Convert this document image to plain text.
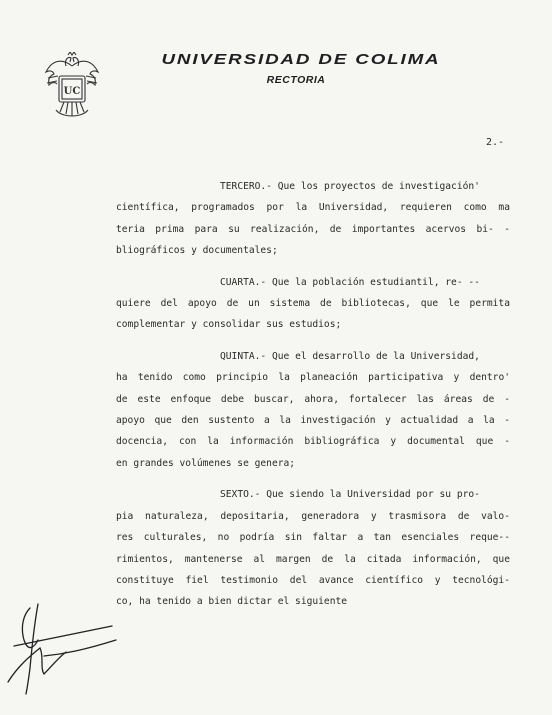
UC
UNIVERSIDAD DE COLIMA
RECTORIA
2.-

TERCERO.- Que los proyectos de investigación'
científica, programados por la Universidad, requieren como ma
teria prima para su realización, de importantes acervos bi- -
bliográficos y documentales;

CUARTA.- Que la población estudiantil, re- --
quiere del apoyo de un sistema de bibliotecas, que le permita
complementar y consolidar sus estudios;

QUINTA.- Que el desarrollo de la Universidad,
ha tenido como principio la planeación participativa y dentro'
de este enfoque debe buscar, ahora, fortalecer las áreas de -
apoyo que den sustento a la investigación y actualidad a la -
docencia, con la información bibliográfica y documental que -
en grandes volúmenes se genera;

SEXTO.- Que siendo la Universidad por su pro-
pia naturaleza, depositaria, generadora y trasmisora de valo-
res culturales, no podría sin faltar a tan esenciales reque--
rimientos, mantenerse al margen de la citada información, que
constituye fiel testimonio del avance científico y tecnológi-
co, ha tenido a bien dictar el siguiente
